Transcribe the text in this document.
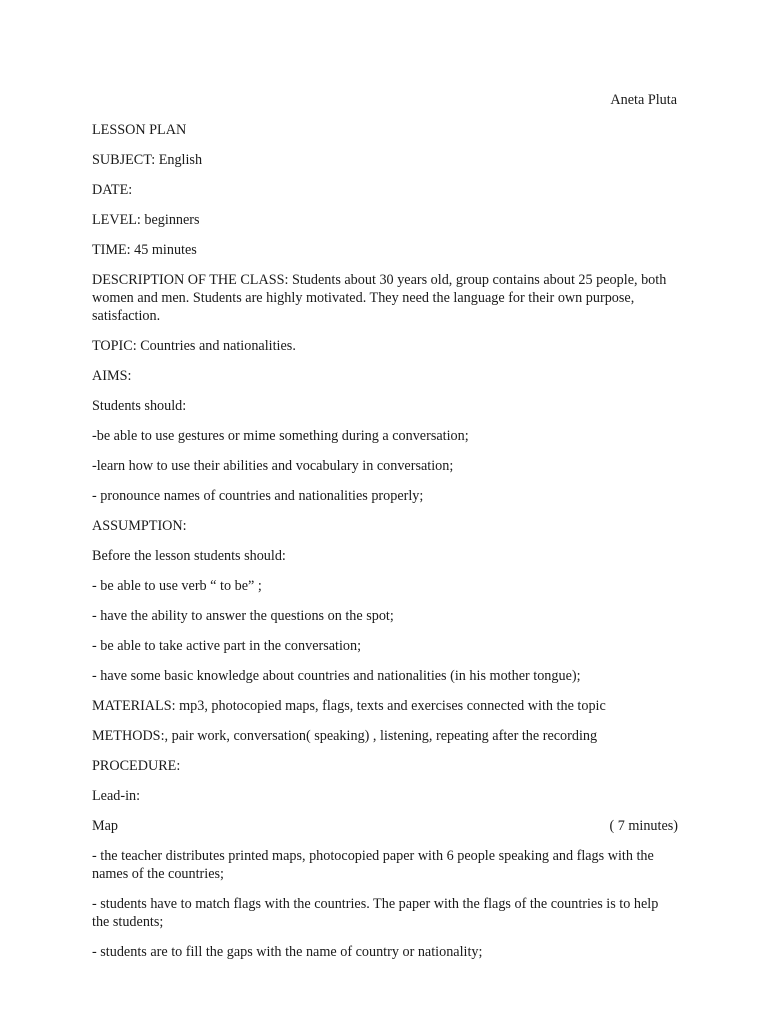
Aneta Pluta

LESSON PLAN

SUBJECT: English

DATE:

LEVEL: beginners

TIME: 45 minutes

DESCRIPTION OF THE CLASS: Students about 30 years old, group contains about 25 people, both women and men. Students are highly motivated. They need the language for their own purpose, satisfaction.

TOPIC: Countries and nationalities.

AIMS:

Students should:

-be able to use gestures or mime something during a conversation;

-learn how to use their abilities and vocabulary in conversation;

- pronounce names of countries and nationalities properly;

ASSUMPTION:

Before the lesson students should:

- be able to use verb “ to be” ;

- have the ability to answer the questions on the spot;

- be able to take active part in the conversation;

- have some basic knowledge about countries and nationalities (in his mother tongue);

MATERIALS: mp3, photocopied maps, flags, texts and exercises connected with the topic

METHODS:, pair work, conversation( speaking) , listening, repeating after the recording

PROCEDURE:

Lead-in:

Map	( 7 minutes)

- the teacher distributes printed maps, photocopied paper with 6 people speaking and flags with the names of the countries;

- students have to match flags with the countries. The paper with the flags of the countries is to help the students;

- students are to fill the gaps with the name of country or nationality;
